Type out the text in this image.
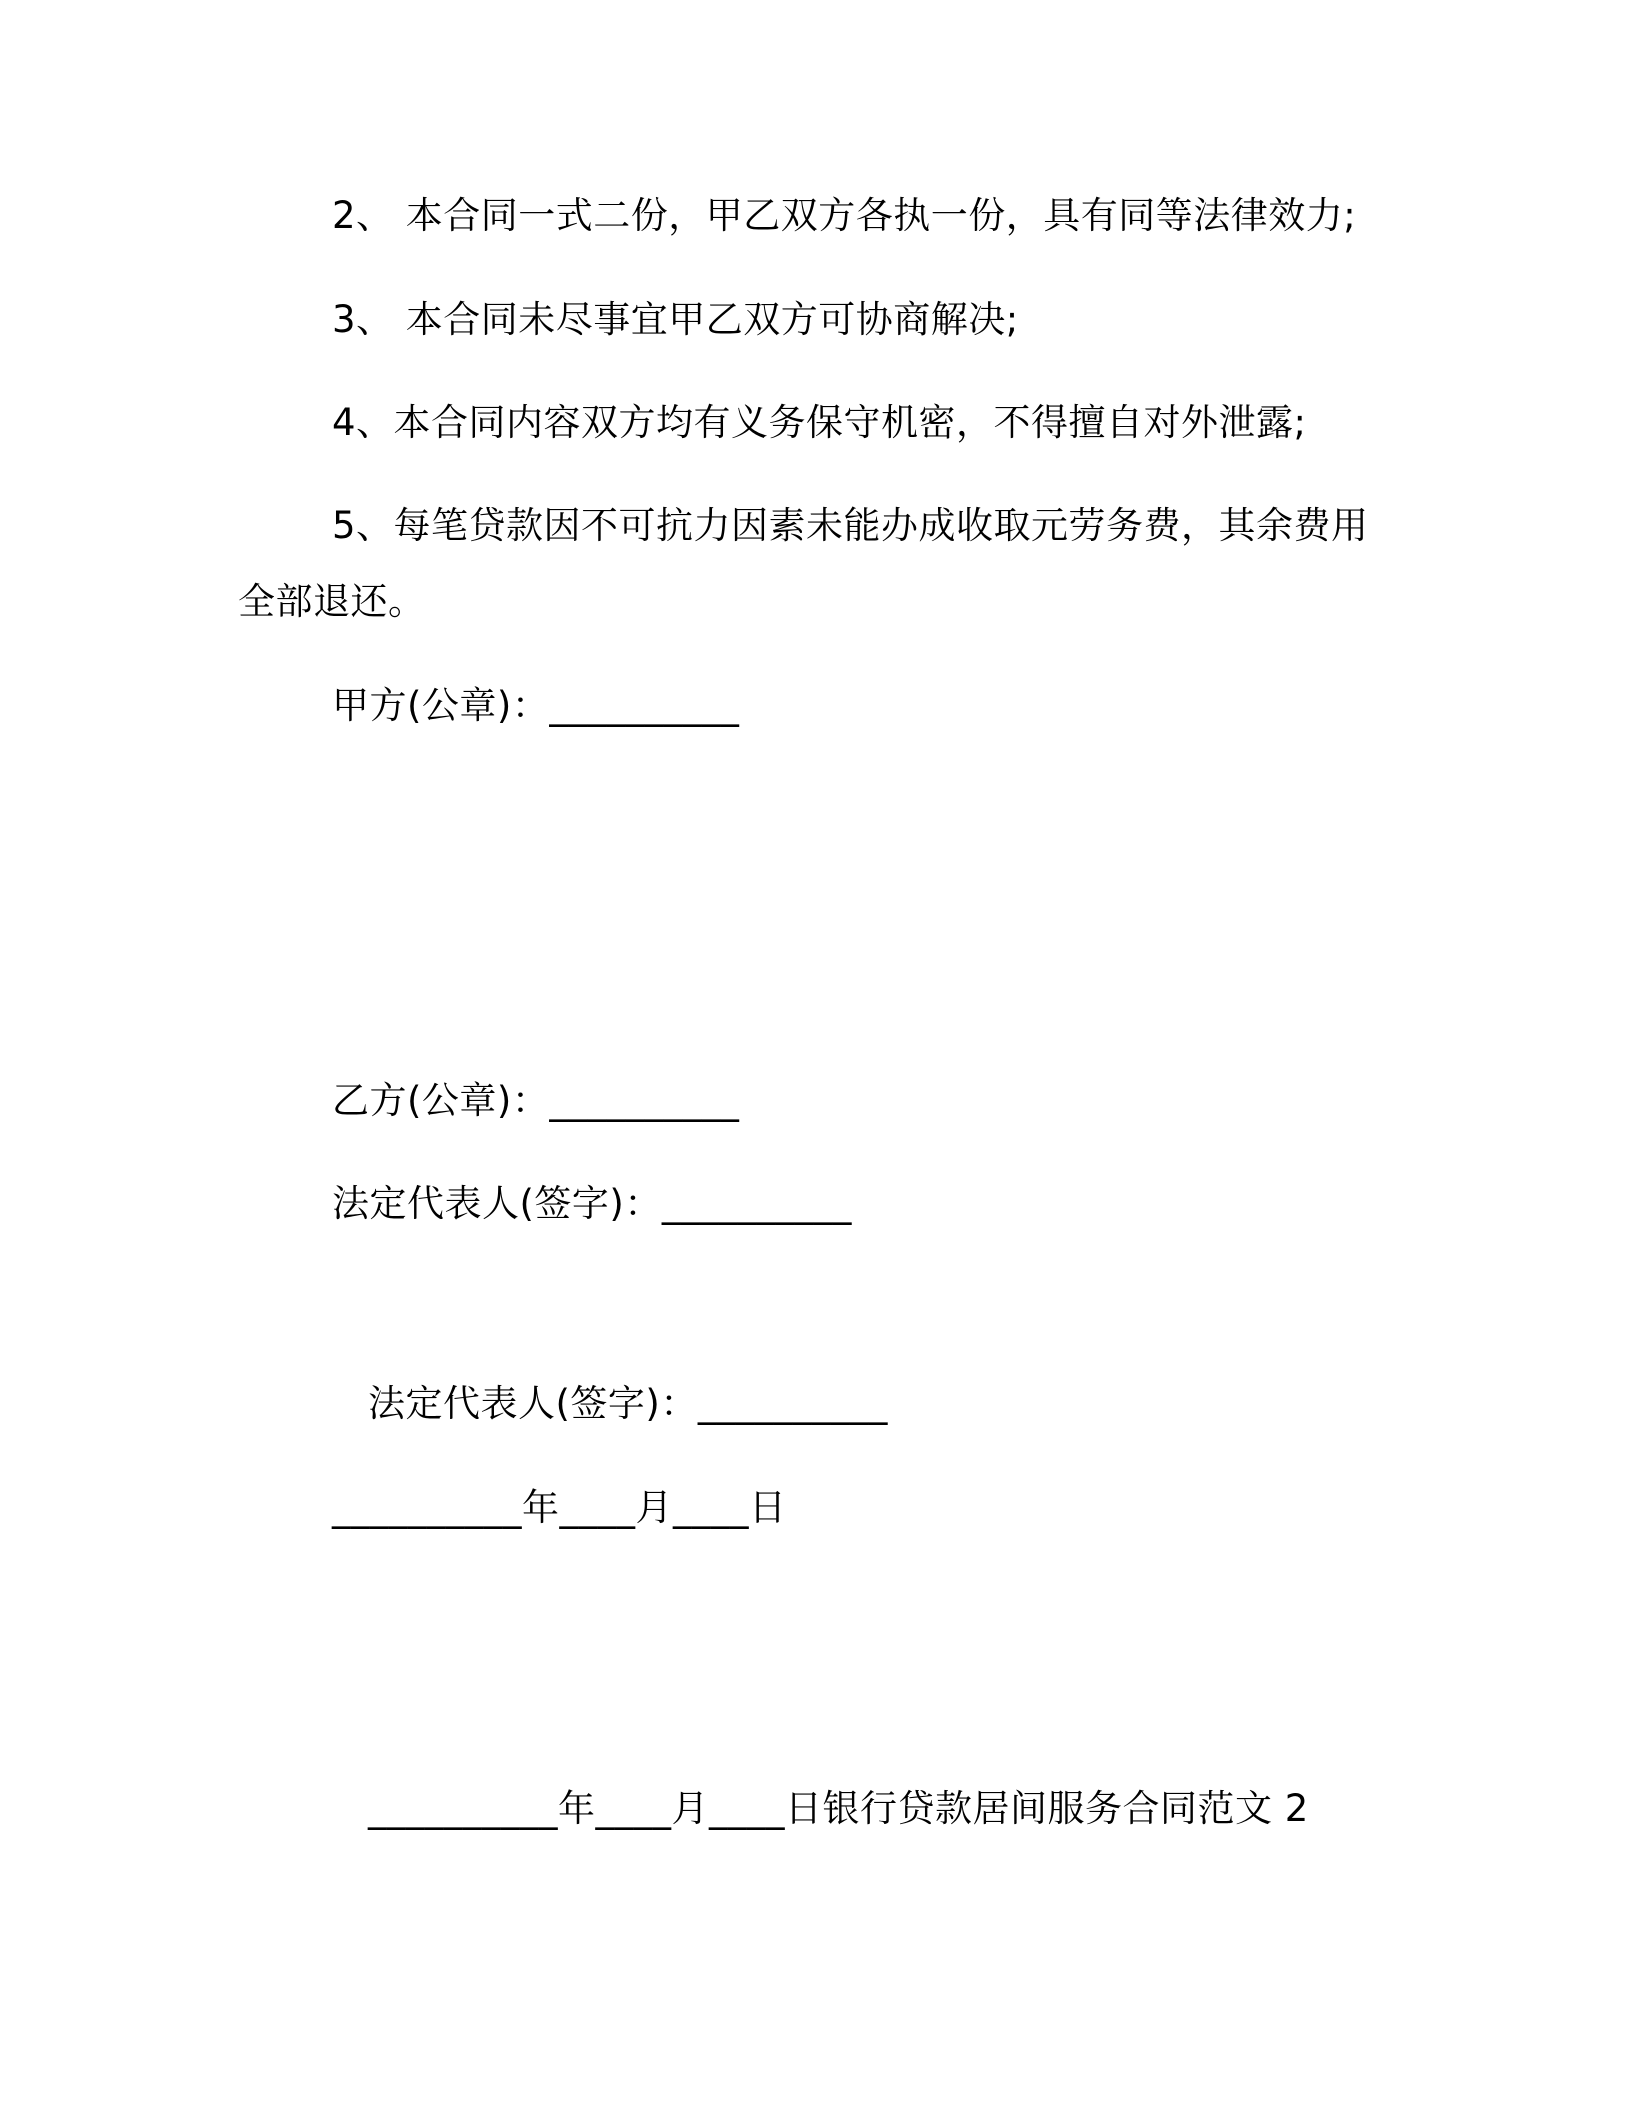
2、 本合同一式二份，甲乙双方各执一份，具有同等法律效力;
3、 本合同未尽事宜甲乙双方可协商解决;
4、本合同内容双方均有义务保守机密，不得擅自对外泄露;
5、每笔贷款因不可抗力因素未能办成收取元劳务费，其余费用
全部退还。
甲方(公章)：__________
乙方(公章)：__________
法定代表人(签字)：__________
法定代表人(签字)：__________
__________年____月____日
__________年____月____日银行贷款居间服务合同范文 2
